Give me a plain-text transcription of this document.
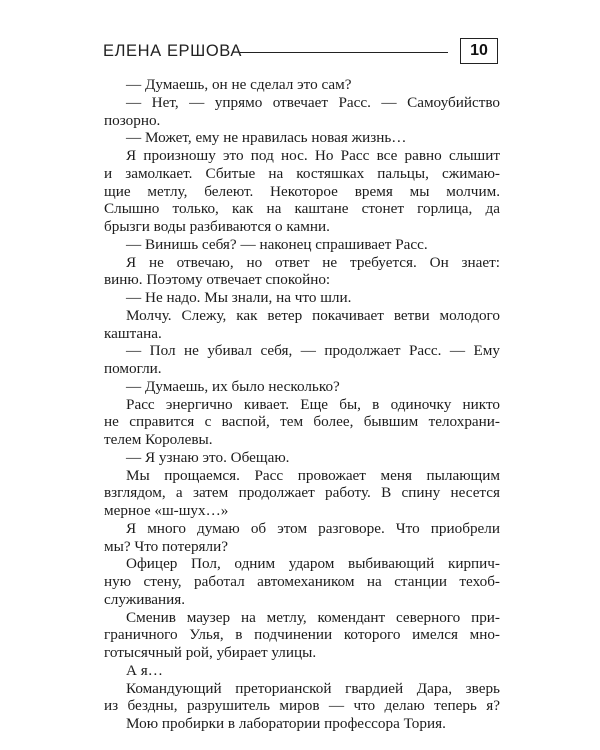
ЕЛЕНА ЕРШОВА	10
— Думаешь, он не сделал это сам?
— Нет, — упрямо отвечает Расс. — Самоубийство
позорно.
— Может, ему не нравилась новая жизнь…
Я произношу это под нос. Но Расс все равно слышит
и замолкает. Сбитые на костяшках пальцы, сжимаю-
щие метлу, белеют. Некоторое время мы молчим.
Слышно только, как на каштане стонет горлица, да
брызги воды разбиваются о камни.
— Винишь себя? — наконец спрашивает Расс.
Я не отвечаю, но ответ не требуется. Он знает:
виню. Поэтому отвечает спокойно:
— Не надо. Мы знали, на что шли.
Молчу. Слежу, как ветер покачивает ветви молодого
каштана.
— Пол не убивал себя, — продолжает Расс. — Ему
помогли.
— Думаешь, их было несколько?
Расс энергично кивает. Еще бы, в одиночку никто
не справится с васпой, тем более, бывшим телохрани-
телем Королевы.
— Я узнаю это. Обещаю.
Мы прощаемся. Расс провожает меня пылающим
взглядом, а затем продолжает работу. В спину несется
мерное «ш-шух…»
Я много думаю об этом разговоре. Что приобрели
мы? Что потеряли?
Офицер Пол, одним ударом выбивающий кирпич-
ную стену, работал автомехаником на станции техоб-
служивания.
Сменив маузер на метлу, комендант северного при-
граничного Улья, в подчинении которого имелся мно-
готысячный рой, убирает улицы.
А я…
Командующий преторианской гвардией Дара, зверь
из бездны, разрушитель миров — что делаю теперь я?
Мою пробирки в лаборатории профессора Тория.
